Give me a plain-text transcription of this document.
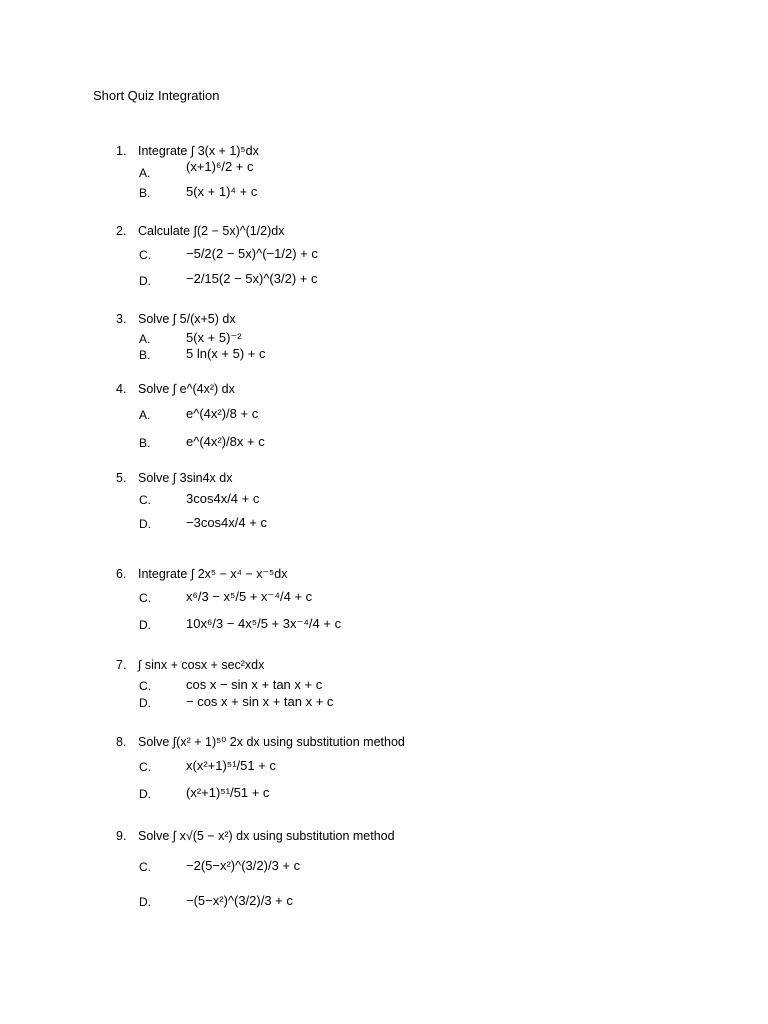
Short Quiz Integration
1. Integrate ∫ 3(x + 1)⁵dx
A.	(x+1)⁶/2 + c
B.	5(x + 1)⁴ + c
2. Calculate ∫(2 − 5x)^(1/2)dx
C.	−5/2(2 − 5x)^(−1/2) + c
D.	−2/15(2 − 5x)^(3/2) + c
3. Solve ∫ 5/(x+5) dx
A.	5(x + 5)⁻²
B.	5 ln(x + 5) + c
4. Solve ∫ e^(4x²) dx
A.	e^(4x²)/8 + c
B.	e^(4x²)/8x + c
5. Solve ∫ 3sin4x dx
C.	3cos4x/4 + c
D.	−3cos4x/4 + c
6. Integrate ∫ 2x⁵ − x⁴ − x⁻⁵dx
C.	x⁶/3 − x⁵/5 + x⁻⁴/4 + c
D.	10x⁶/3 − 4x⁵/5 + 3x⁻⁴/4 + c
7. ∫ sinx + cosx + sec²xdx
C.	cos x − sin x + tan x + c
D.	− cos x + sin x + tan x + c
8. Solve ∫(x² + 1)⁵⁰ 2x dx using substitution method
C.	x(x²+1)⁵¹/51 + c
D.	(x²+1)⁵¹/51 + c
9. Solve ∫ x√(5 − x²) dx using substitution method
C.	−2(5−x²)^(3/2)/3 + c
D.	−(5−x²)^(3/2)/3 + c
